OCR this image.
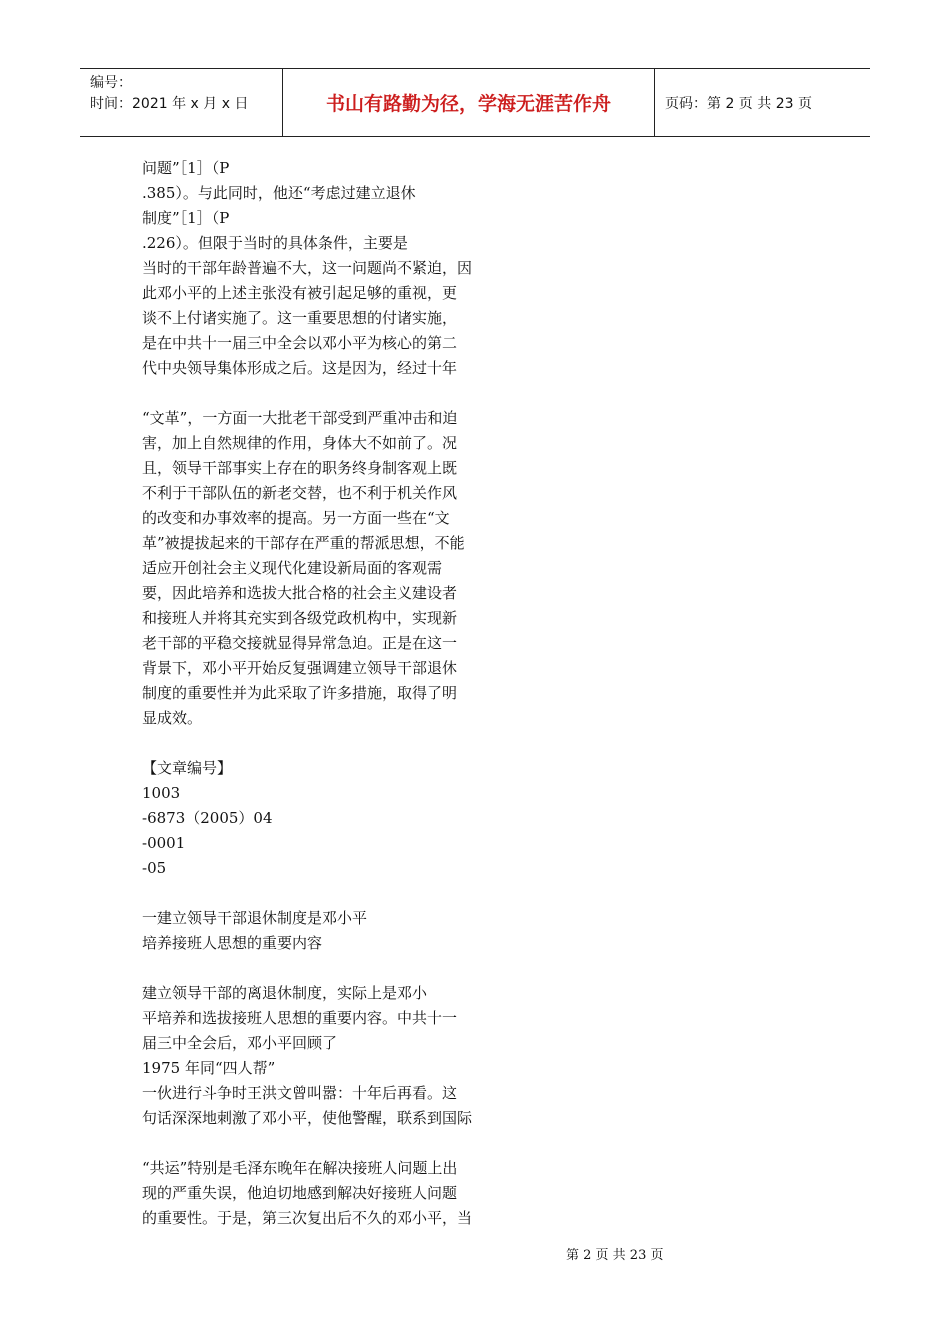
编号：
时间：2021 年 x 月 x 日	书山有路勤为径，学海无涯苦作舟	页码：第 2 页 共 23 页
问题”［1］（P
.385）。与此同时，他还“考虑过建立退休
制度”［1］（P
.226）。但限于当时的具体条件，主要是
当时的干部年龄普遍不大，这一问题尚不紧迫，因
此邓小平的上述主张没有被引起足够的重视，更
谈不上付诸实施了。这一重要思想的付诸实施，
是在中共十一届三中全会以邓小平为核心的第二
代中央领导集体形成之后。这是因为，经过十年
“文革”，一方面一大批老干部受到严重冲击和迫
害，加上自然规律的作用，身体大不如前了。况
且，领导干部事实上存在的职务终身制客观上既
不利于干部队伍的新老交替，也不利于机关作风
的改变和办事效率的提高。另一方面一些在“文
革”被提拔起来的干部存在严重的帮派思想，不能
适应开创社会主义现代化建设新局面的客观需
要，因此培养和选拔大批合格的社会主义建设者
和接班人并将其充实到各级党政机构中，实现新
老干部的平稳交接就显得异常急迫。正是在这一
背景下，邓小平开始反复强调建立领导干部退休
制度的重要性并为此采取了许多措施，取得了明
显成效。
【文章编号】
1003
-6873（2005）04
-0001
-05
一建立领导干部退休制度是邓小平
培养接班人思想的重要内容
建立领导干部的离退休制度，实际上是邓小
平培养和选拔接班人思想的重要内容。中共十一
届三中全会后，邓小平回顾了
1975 年同“四人帮”
一伙进行斗争时王洪文曾叫嚣：十年后再看。这
句话深深地刺激了邓小平，使他警醒，联系到国际
“共运”特别是毛泽东晚年在解决接班人问题上出
现的严重失误，他迫切地感到解决好接班人问题
的重要性。于是，第三次复出后不久的邓小平，当
第 2 页 共 23 页
